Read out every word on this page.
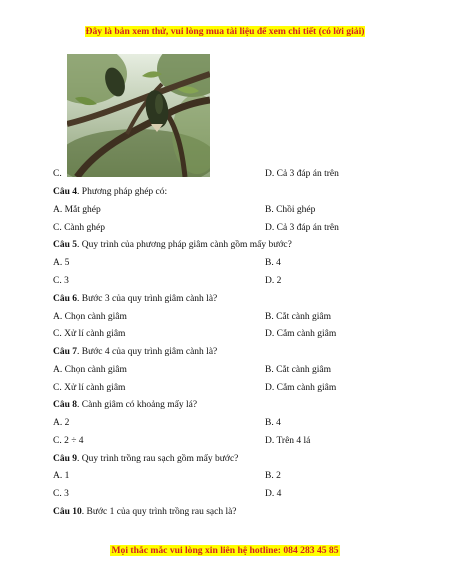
Đây là bản xem thử, vui lòng mua tài liệu để xem chi tiết (có lời giải)
C.	D. Cả 3 đáp án trên
Câu 4. Phương pháp ghép có:
A. Mắt ghép	B. Chồi ghép
C. Cành ghép	D. Cả 3 đáp án trên
Câu 5. Quy trình của phương pháp giâm cành gồm mấy bước?
A. 5	B. 4
C. 3	D. 2
Câu 6. Bước 3 của quy trình giâm cành là?
A. Chọn cành giâm	B. Cắt cành giâm
C. Xử lí cành giâm	D. Cắm cành giâm
Câu 7. Bước 4 của quy trình giâm cành là?
A. Chọn cành giâm	B. Cắt cành giâm
C. Xử lí cành giâm	D. Cắm cành giâm
Câu 8. Cành giâm có khoảng mấy lá?
A. 2	B. 4
C. 2 ÷ 4	D. Trên 4 lá
Câu 9. Quy trình trồng rau sạch gồm mấy bước?
A. 1	B. 2
C. 3	D. 4
Câu 10. Bước 1 của quy trình trồng rau sạch là?
Mọi thắc mắc vui lòng xin liên hệ hotline: 084 283 45 85
